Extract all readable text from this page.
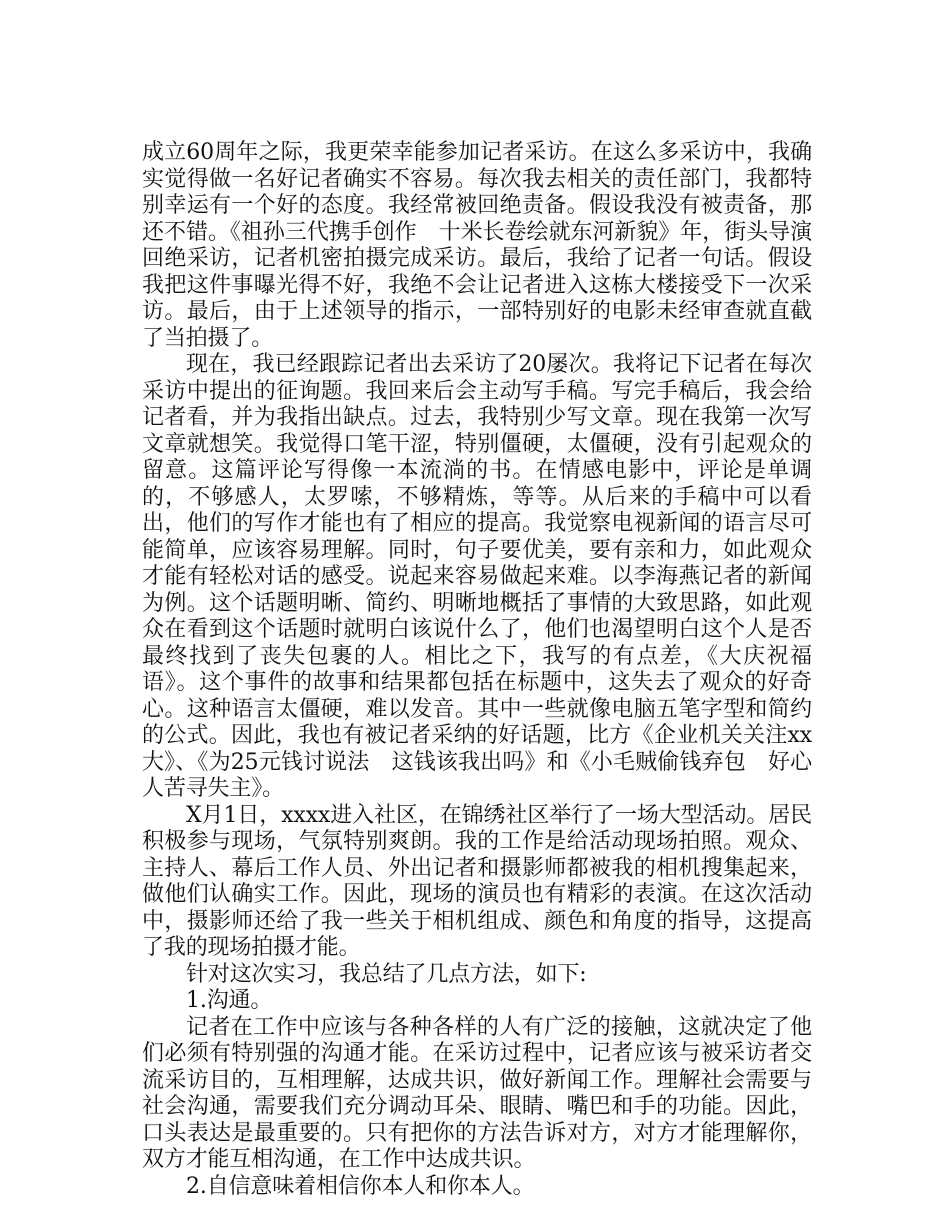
成立60周年之际，我更荣幸能参加记者采访。在这么多采访中，我确实觉得做一名好记者确实不容易。每次我去相关的责任部门，我都特别幸运有一个好的态度。我经常被回绝责备。假设我没有被责备，那还不错。《祖孙三代携手创作　十米长卷绘就东河新貌》年，街头导演回绝采访，记者机密拍摄完成采访。最后，我给了记者一句话。假设我把这件事曝光得不好，我绝不会让记者进入这栋大楼接受下一次采访。最后，由于上述领导的指示，一部特别好的电影未经审查就直截了当拍摄了。

现在，我已经跟踪记者出去采访了20屡次。我将记下记者在每次采访中提出的征询题。我回来后会主动写手稿。写完手稿后，我会给记者看，并为我指出缺点。过去，我特别少写文章。现在我第一次写文章就想笑。我觉得口笔干涩，特别僵硬，太僵硬，没有引起观众的留意。这篇评论写得像一本流淌的书。在情感电影中，评论是单调的，不够感人，太罗嗦，不够精炼，等等。从后来的手稿中可以看出，他们的写作才能也有了相应的提高。我觉察电视新闻的语言尽可能简单，应该容易理解。同时，句子要优美，要有亲和力，如此观众才能有轻松对话的感受。说起来容易做起来难。以李海燕记者的新闻为例。这个话题明晰、简约、明晰地概括了事情的大致思路，如此观众在看到这个话题时就明白该说什么了，他们也渴望明白这个人是否最终找到了丧失包裹的人。相比之下，我写的有点差，《大庆祝福语》。这个事件的故事和结果都包括在标题中，这失去了观众的好奇心。这种语言太僵硬，难以发音。其中一些就像电脑五笔字型和简约的公式。因此，我也有被记者采纳的好话题，比方《企业机关关注xx大》、《为25元钱讨说法　这钱该我出吗》和《小毛贼偷钱弃包　好心人苦寻失主》。

X月1日，xxxx进入社区，在锦绣社区举行了一场大型活动。居民积极参与现场，气氛特别爽朗。我的工作是给活动现场拍照。观众、主持人、幕后工作人员、外出记者和摄影师都被我的相机搜集起来，做他们认确实工作。因此，现场的演员也有精彩的表演。在这次活动中，摄影师还给了我一些关于相机组成、颜色和角度的指导，这提高了我的现场拍摄才能。

针对这次实习，我总结了几点方法，如下:

1.沟通。

记者在工作中应该与各种各样的人有广泛的接触，这就决定了他们必须有特别强的沟通才能。在采访过程中，记者应该与被采访者交流采访目的，互相理解，达成共识，做好新闻工作。理解社会需要与社会沟通，需要我们充分调动耳朵、眼睛、嘴巴和手的功能。因此，口头表达是最重要的。只有把你的方法告诉对方，对方才能理解你，双方才能互相沟通，在工作中达成共识。

2.自信意味着相信你本人和你本人。
